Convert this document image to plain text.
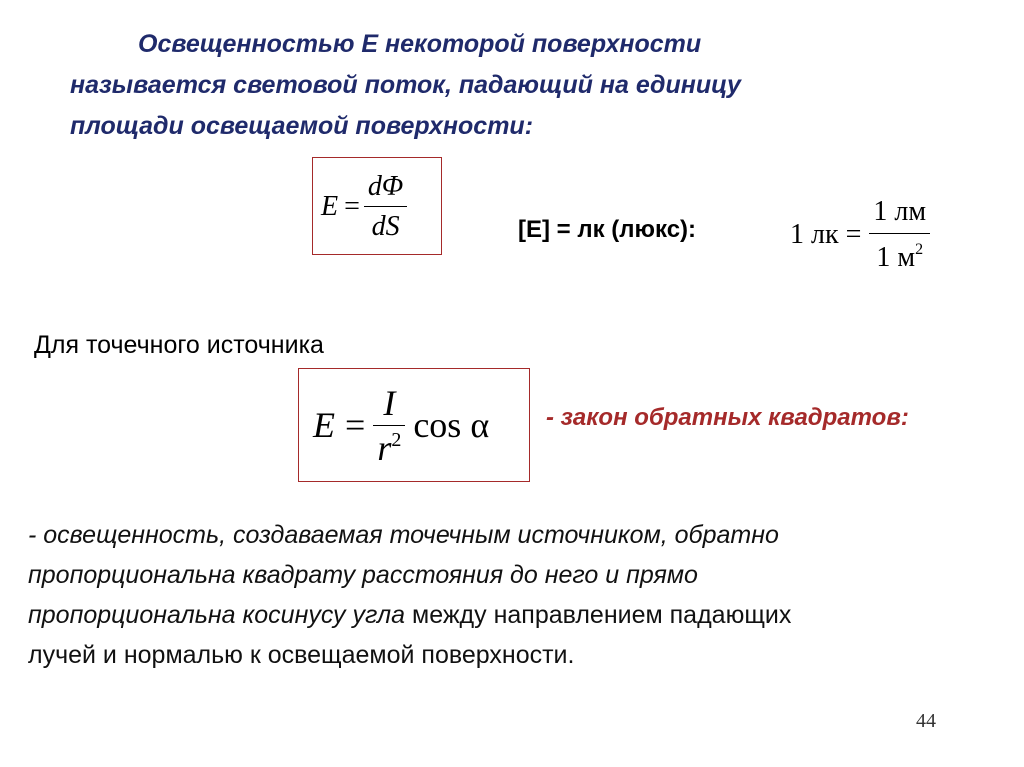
Освещенностью Е некоторой поверхности
называется световой поток, падающий на единицу
площади освещаемой поверхности:
$E = \frac{d\Phi}{dS}$	[E] = лк (люкс):	1 лк = $\frac{1 лм}{1 м^2}$
Для точечного источника
$E = \frac{I}{r^2}$ cos α - закон обратных квадратов:
- освещенность, создаваемая точечным источником, обратно
пропорциональна квадрату расстояния до него и прямо
пропорциональна косинусу угла между направлением падающих
лучей и нормалью к освещаемой поверхности.
44
